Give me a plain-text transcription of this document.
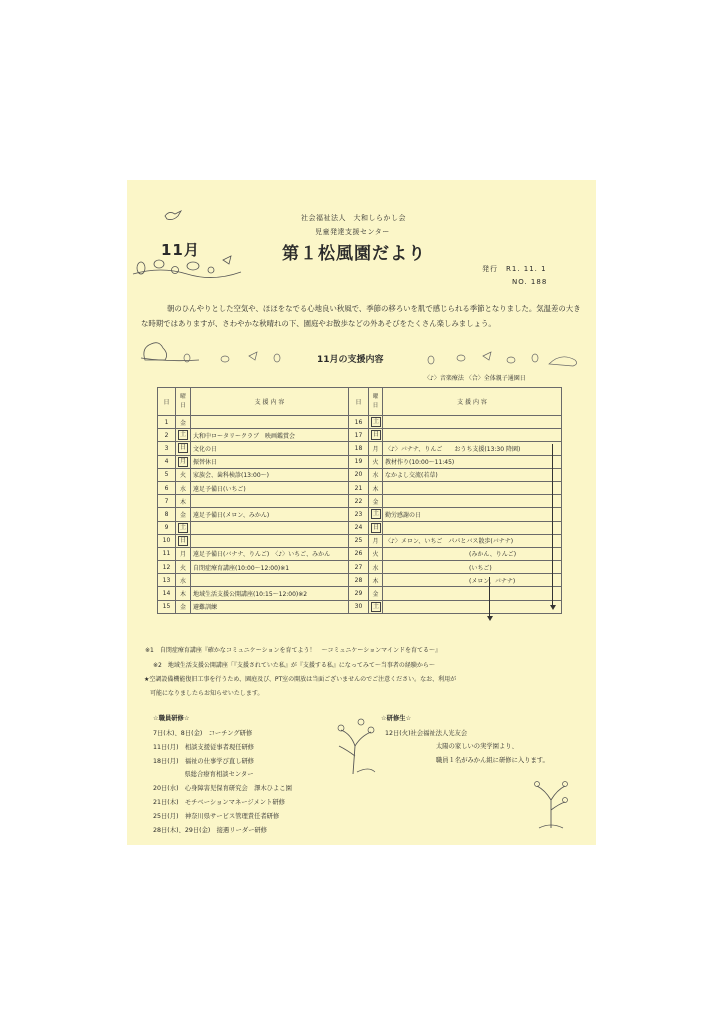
社会福祉法人　大和しらかし会
児童発達支援センター
11月	第１松風園だより
発行　R1. 11. 1
NO. 188
朝のひんやりとした空気や、ほほをなでる心地良い秋風で、季節の移ろいを肌で感じられる季節となりました。気温差の大きな時期ではありますが、さわやかな秋晴れの下、園庭やお散歩などの外あそびをたくさん楽しみましょう。
11月の支援内容
〈♪〉音楽療法 〈合〉全体親子通園日
日	曜日	支 援 内 容	日	曜日	支 援 内 容
1	金		16	土	
2	土	大和中ロータリークラブ　映画鑑賞会	17	日	
3	日	文化の日	18	月	〈♪〉バナナ、りんご　　おうち支援(13:30 降園)
4	月	振替休日	19	火	教材作り(10:00～11:45)
5	火	家族会、歯科検診(13:00～)	20	水	なかよし交流(若草)
6	水	遠足予備日(いちご)	21	木	
7	木		22	金	
8	金	遠足予備日(メロン、みかん)	23	土	勤労感謝の日
9	土		24	日	
10	日		25	月	〈♪〉メロン、いちご　パパとバス散歩(バナナ)
11	月	遠足予備日(バナナ、りんご)　〈♪〉いちご、みかん	26	火	　　　　　　　　　　　　　　(みかん、りんご)
12	火	自閉症療育講座(10:00～12:00)※1	27	水	　　　　　　　　　　　　　　(いちご)
13	水		28	木	　　　　　　　　　　　　　　(メロン、バナナ)
14	木	地域生活支援公開講座(10:15～12:00)※2	29	金	
15	金	避難訓練	30	土	
※1　自閉症療育講座『確かなコミュニケーションを育てよう！　～コミュニケーションマインドを育てる～』
※2　地域生活支援公開講座「『支援されていた私』が『支援する私』になってみて～当事者の経験から～
★空調設備機能復旧工事を行うため、園庭及び、PT室の開放は当面ございませんのでご注意ください。なお、利用が
　可能になりましたらお知らせいたします。
☆職員研修☆
7日(木)、8日(金)　コーチング研修
11日(月)　相談支援従事者現任研修
18日(月)　福祉の仕事学び直し研修
　　　　　県総合療育相談センター
20日(水)　心身障害児保育研究会　澤木ひよこ園
21日(木)　モチベーションマネージメント研修
25日(月)　神奈川県サービス管理責任者研修
28日(木)、29日(金)　接遇リーダー研修
☆研修生☆
12日(火)社会福祉法人光友会
太陽の家しいの実学園より、
職員１名がみかん組に研修に入ります。
